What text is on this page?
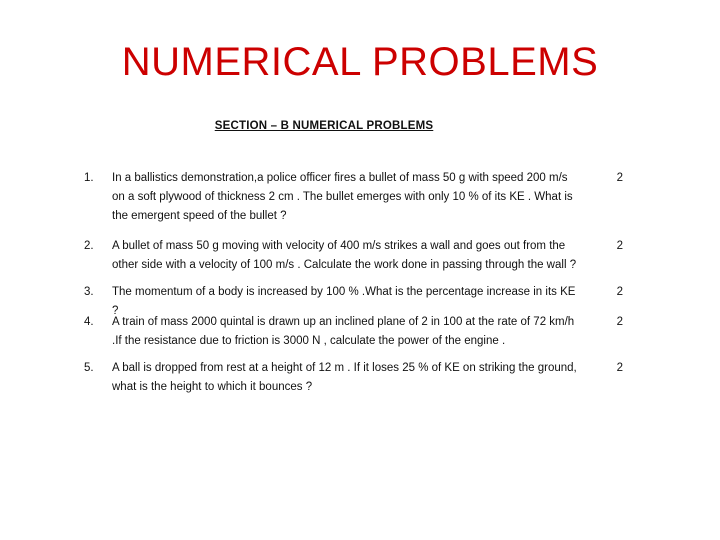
NUMERICAL PROBLEMS
SECTION – B NUMERICAL PROBLEMS
1.	In a ballistics demonstration,a police officer fires a bullet of mass 50 g with speed 200 m/s on a soft plywood of thickness 2 cm . The bullet emerges with only 10 % of its KE . What is the emergent speed of the bullet ?
2
2.	A bullet of mass 50 g moving with velocity of 400 m/s strikes a wall and goes out from the other side with a velocity of 100 m/s . Calculate the work done in passing through the wall ?
2
3.	The momentum of a body is increased by 100 % .What is the percentage increase in its KE ?
2
4.	A train of mass 2000 quintal is drawn up an inclined plane of 2 in 100 at the rate of 72 km/h .If the resistance due to friction is 3000 N , calculate the power of the engine .
2
5.	A ball is dropped from rest at a height of 12 m . If it loses 25 % of KE on striking the ground, what is the height to which it bounces ?
2
